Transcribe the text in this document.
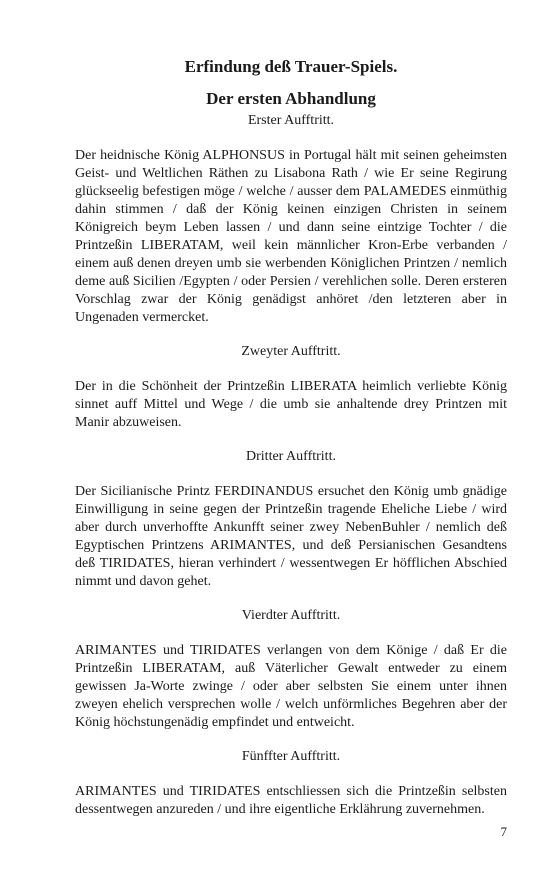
Erfindung deß Trauer-Spiels.
Der ersten Abhandlung

Erster Aufftritt.

Der heidnische König ALPHONSUS in Portugal hält mit seinen geheimsten Geist- und Weltlichen Räthen zu Lisabona Rath / wie Er seine Regirung glückseelig befestigen möge / welche / ausser dem PALAMEDES einmüthig dahin stimmen / daß der König keinen einzigen Christen in seinem Königreich beym Leben lassen / und dann seine eintzige Tochter / die Printzeßin LIBERATAM, weil kein männlicher Kron-Erbe verbanden / einem auß denen dreyen umb sie werbenden Königlichen Printzen / nemlich deme auß Sicilien /Egypten / oder Persien / verehlichen solle. Deren ersteren Vorschlag zwar der König genädigst anhöret /den letzteren aber in Ungenaden vermercket.

Zweyter Aufftritt.

Der in die Schönheit der Printzeßin LIBERATA heimlich verliebte König sinnet auff Mittel und Wege / die umb sie anhaltende drey Printzen mit Manir abzuweisen.

Dritter Aufftritt.

Der Sicilianische Printz FERDINANDUS ersuchet den König umb gnädige Einwilligung in seine gegen der Printzeßin tragende Eheliche Liebe / wird aber durch unverhoffte Ankunfft seiner zwey NebenBuhler / nemlich deß Egyptischen Printzens ARIMANTES, und deß Persianischen Gesandtens deß TIRIDATES, hieran verhindert / wessentwegen Er höfflichen Abschied nimmt und davon gehet.

Vierdter Aufftritt.

ARIMANTES und TIRIDATES verlangen von dem Könige / daß Er die Printzeßin LIBERATAM, auß Väterlicher Gewalt entweder zu einem gewissen Ja-Worte zwinge / oder aber selbsten Sie einem unter ihnen zweyen ehelich versprechen wolle / welch unförmliches Begehren aber der König höchstungenädig empfindet und entweicht.

Fünffter Aufftritt.

ARIMANTES und TIRIDATES entschliessen sich die Printzeßin selbsten dessentwegen anzureden / und ihre eigentliche Erklährung zuvernehmen.

7
